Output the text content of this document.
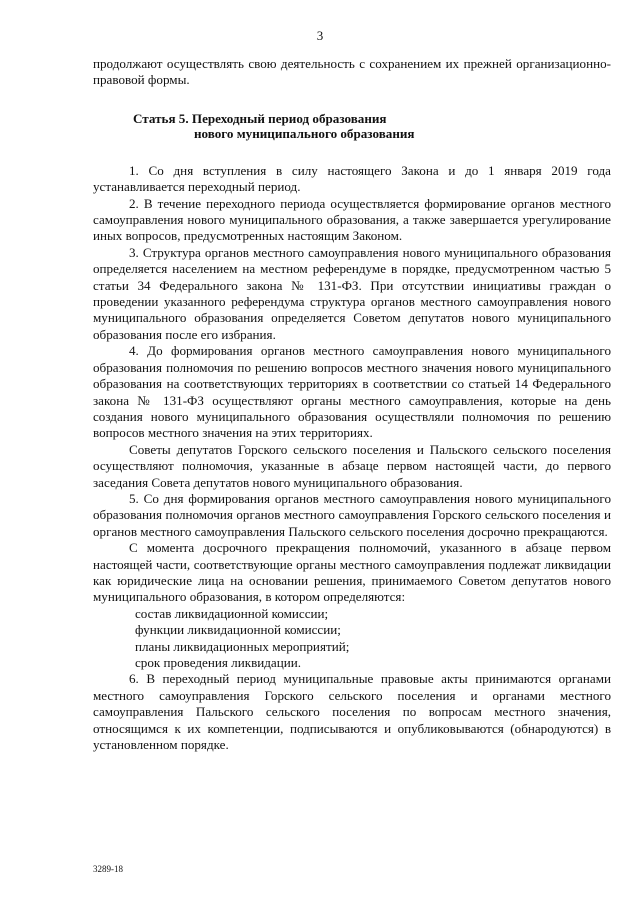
3

продолжают осуществлять свою деятельность с сохранением их прежней организационно-правовой формы.

Статья 5. Переходный период образования
нового муниципального образования

1. Со дня вступления в силу настоящего Закона и до 1 января 2019 года устанавливается переходный период.

2. В течение переходного периода осуществляется формирование органов местного самоуправления нового муниципального образования, а также завершается урегулирование иных вопросов, предусмотренных настоящим Законом.

3. Структура органов местного самоуправления нового муниципального образования определяется населением на местном референдуме в порядке, предусмотренном частью 5 статьи 34 Федерального закона № 131-ФЗ. При отсутствии инициативы граждан о проведении указанного референдума структура органов местного самоуправления нового муниципального образования определяется Советом депутатов нового муниципального образования после его избрания.

4. До формирования органов местного самоуправления нового муниципального образования полномочия по решению вопросов местного значения нового муниципального образования на соответствующих территориях в соответствии со статьей 14 Федерального закона № 131-ФЗ осуществляют органы местного самоуправления, которые на день создания нового муниципального образования осуществляли полномочия по решению вопросов местного значения на этих территориях.

Советы депутатов Горского сельского поселения и Пальского сельского поселения осуществляют полномочия, указанные в абзаце первом настоящей части, до первого заседания Совета депутатов нового муниципального образования.

5. Со дня формирования органов местного самоуправления нового муниципального образования полномочия органов местного самоуправления Горского сельского поселения и органов местного самоуправления Пальского сельского поселения досрочно прекращаются.

С момента досрочного прекращения полномочий, указанного в абзаце первом настоящей части, соответствующие органы местного самоуправления подлежат ликвидации как юридические лица на основании решения, принимаемого Советом депутатов нового муниципального образования, в котором определяются:

состав ликвидационной комиссии;

функции ликвидационной комиссии;

планы ликвидационных мероприятий;

срок проведения ликвидации.

6. В переходный период муниципальные правовые акты принимаются органами местного самоуправления Горского сельского поселения и органами местного самоуправления Пальского сельского поселения по вопросам местного значения, относящимся к их компетенции, подписываются и опубликовываются (обнародуются) в установленном порядке.

3289-18
